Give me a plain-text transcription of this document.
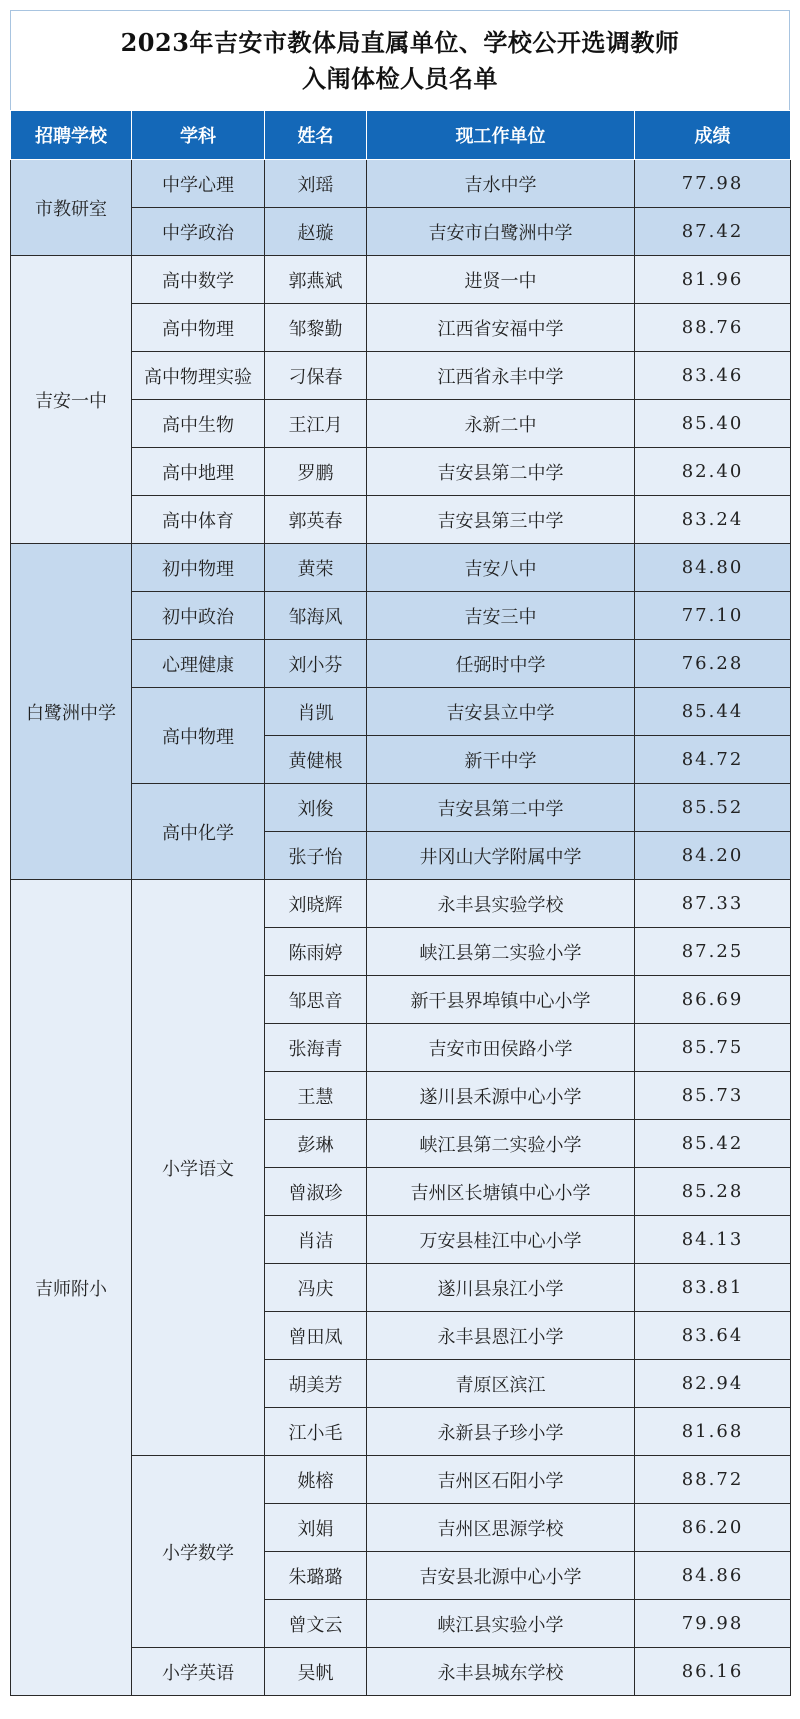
2023年吉安市教体局直属单位、学校公开选调教师
入闱体检人员名单
招聘学校	学科	姓名	现工作单位	成绩
市教研室	中学心理	刘瑶	吉水中学	77.98
	中学政治	赵璇	吉安市白鹭洲中学	87.42
吉安一中	高中数学	郭燕斌	进贤一中	81.96
	高中物理	邹黎勤	江西省安福中学	88.76
	高中物理实验	刁保春	江西省永丰中学	83.46
	高中生物	王江月	永新二中	85.40
	高中地理	罗鹏	吉安县第二中学	82.40
	高中体育	郭英春	吉安县第三中学	83.24
白鹭洲中学	初中物理	黄荣	吉安八中	84.80
	初中政治	邹海风	吉安三中	77.10
	心理健康	刘小芬	任弼时中学	76.28
	高中物理	肖凯	吉安县立中学	85.44
		黄健根	新干中学	84.72
	高中化学	刘俊	吉安县第二中学	85.52
		张子怡	井冈山大学附属中学	84.20
吉师附小	小学语文	刘晓辉	永丰县实验学校	87.33
		陈雨婷	峡江县第二实验小学	87.25
		邹思音	新干县界埠镇中心小学	86.69
		张海青	吉安市田侯路小学	85.75
		王慧	遂川县禾源中心小学	85.73
		彭琳	峡江县第二实验小学	85.42
		曾淑珍	吉州区长塘镇中心小学	85.28
		肖洁	万安县桂江中心小学	84.13
		冯庆	遂川县泉江小学	83.81
		曾田凤	永丰县恩江小学	83.64
		胡美芳	青原区滨江	82.94
		江小毛	永新县子珍小学	81.68
	小学数学	姚榕	吉州区石阳小学	88.72
		刘娟	吉州区思源学校	86.20
		朱璐璐	吉安县北源中心小学	84.86
		曾文云	峡江县实验小学	79.98
	小学英语	吴帆	永丰县城东学校	86.16
